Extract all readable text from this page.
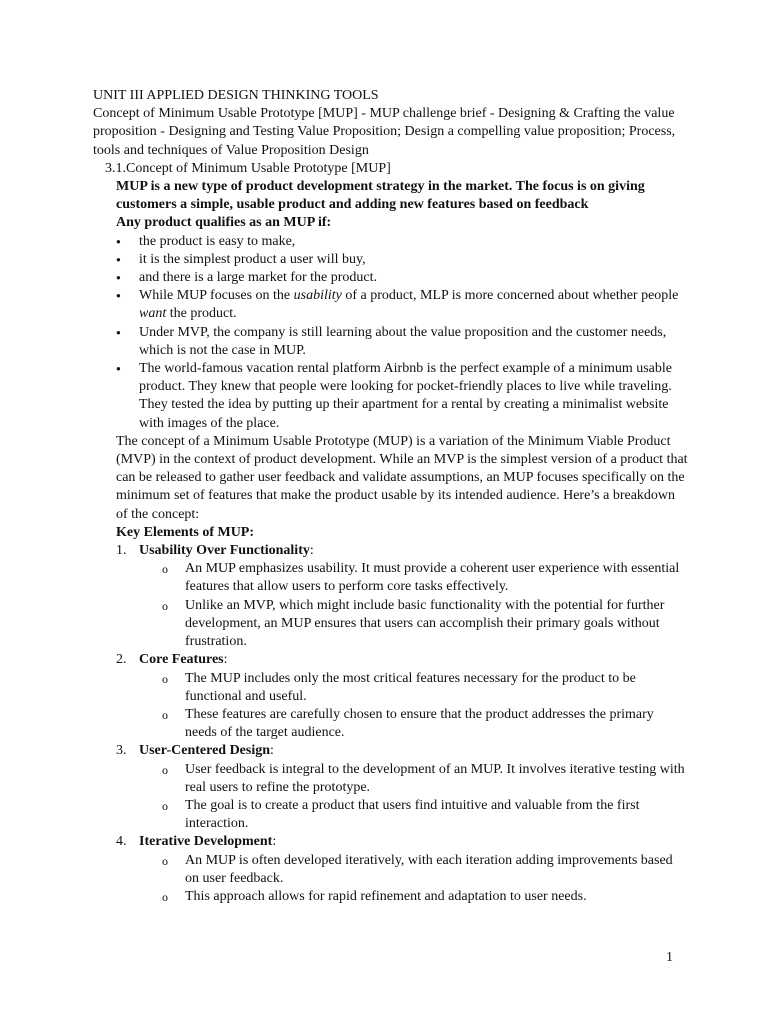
UNIT III APPLIED DESIGN THINKING TOOLS

Concept of Minimum Usable Prototype [MUP] - MUP challenge brief - Designing & Crafting the value proposition - Designing and Testing Value Proposition; Design a compelling value proposition; Process, tools and techniques of Value Proposition Design

3.1.Concept of Minimum Usable Prototype [MUP]

MUP is a new type of product development strategy in the market. The focus is on giving customers a simple, usable product and adding new features based on feedback

Any product qualifies as an MUP if:

● the product is easy to make,
● it is the simplest product a user will buy,
● and there is a large market for the product.
● While MUP focuses on the usability of a product, MLP is more concerned about whether people want the product.
● Under MVP, the company is still learning about the value proposition and the customer needs, which is not the case in MUP.
● The world-famous vacation rental platform Airbnb is the perfect example of a minimum usable product. They knew that people were looking for pocket-friendly places to live while traveling. They tested the idea by putting up their apartment for a rental by creating a minimalist website with images of the place.

The concept of a Minimum Usable Prototype (MUP) is a variation of the Minimum Viable Product (MVP) in the context of product development. While an MVP is the simplest version of a product that can be released to gather user feedback and validate assumptions, an MUP focuses specifically on the minimum set of features that make the product usable by its intended audience. Here’s a breakdown of the concept:

Key Elements of MUP:

1. Usability Over Functionality:
o An MUP emphasizes usability. It must provide a coherent user experience with essential features that allow users to perform core tasks effectively.
o Unlike an MVP, which might include basic functionality with the potential for further development, an MUP ensures that users can accomplish their primary goals without frustration.
2. Core Features:
o The MUP includes only the most critical features necessary for the product to be functional and useful.
o These features are carefully chosen to ensure that the product addresses the primary needs of the target audience.
3. User-Centered Design:
o User feedback is integral to the development of an MUP. It involves iterative testing with real users to refine the prototype.
o The goal is to create a product that users find intuitive and valuable from the first interaction.
4. Iterative Development:
o An MUP is often developed iteratively, with each iteration adding improvements based on user feedback.
o This approach allows for rapid refinement and adaptation to user needs.
1
